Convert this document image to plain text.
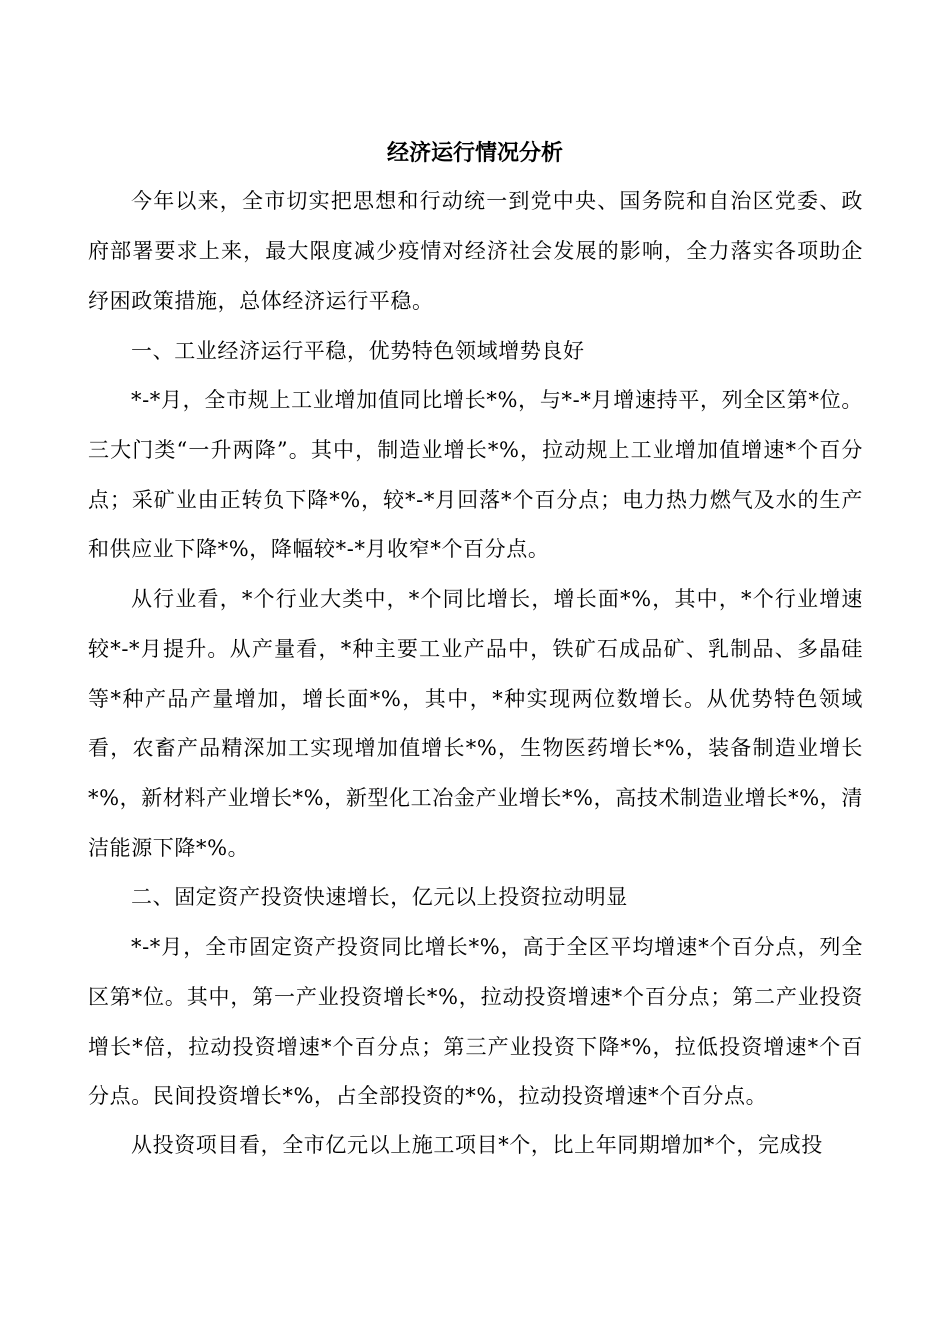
经济运行情况分析

今年以来，全市切实把思想和行动统一到党中央、国务院和自治区党委、政府部署要求上来，最大限度减少疫情对经济社会发展的影响，全力落实各项助企纾困政策措施，总体经济运行平稳。

一、工业经济运行平稳，优势特色领域增势良好

*-*月，全市规上工业增加值同比增长*%，与*-*月增速持平，列全区第*位。三大门类“一升两降”。其中，制造业增长*%，拉动规上工业增加值增速*个百分点；采矿业由正转负下降*%，较*-*月回落*个百分点；电力热力燃气及水的生产和供应业下降*%，降幅较*-*月收窄*个百分点。

从行业看，*个行业大类中，*个同比增长，增长面*%，其中，*个行业增速较*-*月提升。从产量看，*种主要工业产品中，铁矿石成品矿、乳制品、多晶硅等*种产品产量增加，增长面*%，其中，*种实现两位数增长。从优势特色领域看，农畜产品精深加工实现增加值增长*%，生物医药增长*%，装备制造业增长*%，新材料产业增长*%，新型化工冶金产业增长*%，高技术制造业增长*%，清洁能源下降*%。

二、固定资产投资快速增长，亿元以上投资拉动明显

*-*月，全市固定资产投资同比增长*%，高于全区平均增速*个百分点，列全区第*位。其中，第一产业投资增长*%，拉动投资增速*个百分点；第二产业投资增长*倍，拉动投资增速*个百分点；第三产业投资下降*%，拉低投资增速*个百分点。民间投资增长*%，占全部投资的*%，拉动投资增速*个百分点。

从投资项目看，全市亿元以上施工项目*个，比上年同期增加*个，完成投
